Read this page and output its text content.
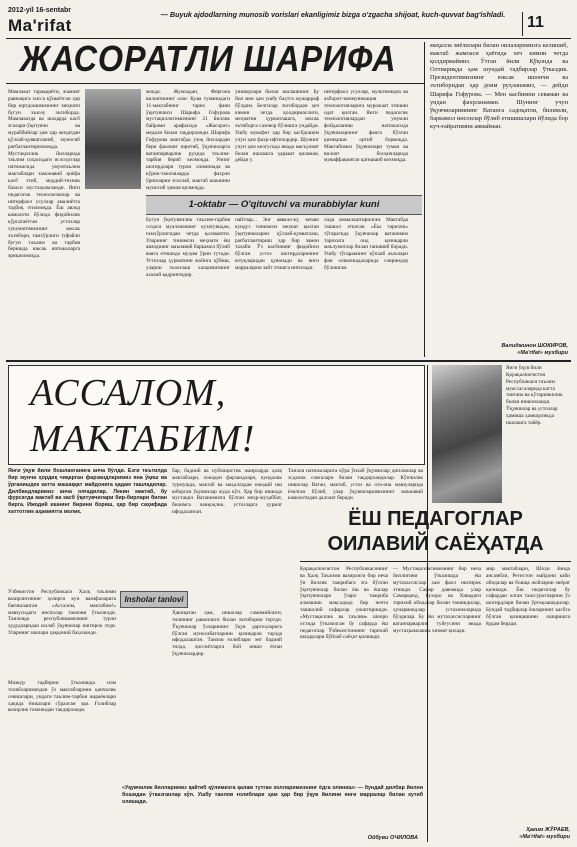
2012-yil 16-sentabr
Ma'rifat
— Buyuk ajdodlarning munosib vorislari ekanligimiz bizga o'zgacha shijoat, kuch-quvvat bag'ishladi.	11
ЖАСОРАТЛИ ШАРИФА
Мамлакат тараққиёти, жамият равнақига хисса қўшаётган ҳар бир юртдошимизнинг меҳнати бугун эъзозу эътиборда. Мамлакатда ва шаҳарда касб эгалари-ўқитувчи ва мураббийлар ҳам ҳар жиҳатдан қўллаб-қувватланиб, муносиб рағбатлантирилмоқда. Мустақиллик йилларида таълим соҳасидаги ислоҳотлар натижасида умумтаълим мактаблари замонавий қиёфа касб этиб, моддий-техник базаси мустаҳкамланди. Янги педагогик технологиялар ва интерфаол усуллар амалиётга тадбиқ этилмоқда. Ёш авлод камолоти йўлида фидойилик кўрсатаётган устозлар хукуматимизнинг юксак эътибори, ғамхўрлиги туфайли бугун таълим ва тарбия беришда юксак натижаларга эришилмоқда.
мокда. Жумладан, Фергона вилоятининг олис Қува туманидаги 11-мактабнинг тарих фани ўқитувчиси Шарифа Гофурова мустақиллигимизнинг 21 йиллик байрами арафасида «Жасорат» медали билан тақдирланди. Шарифа Гофурова мактабда узоқ йиллардан бери фаолият юритиб, ўқувчиларга ватанпарварлик руҳида таълим-тарбия бериб келмоқда. Унинг шогирдлари турли олимпиада ва кўрик-танловларда фахрли ўринларни эгаллаб, мактаб шаънини муносиб ҳимоя қилмоқда.
униворлари билан ишлашнинг. Бу йил мен ҳам ушбу баҳтга мушарраф бўлдим. Белгилар эътибордан ҳеч кимни четда қолдирмаслиги, меҳнатни ҳурматлашга, юксак эътиборга сазовор бўлишга ундайди. Ушбу мукофот ҳар бир касбдошим учун ҳам фахр-ифтихордир. Шунинг учун ҳам келгусида янада масъулият билан ишлашга ҳаракат қиламан, дейди у.
интерфаол усуллар, мультимедиа ва ахборот-коммуникация технологияларига мурожаат этишни одат қилган. Янги педагогик технологиялардан унумли фойдаланиш натижасида ўқувчиларнинг фанга бўлган қизиқиши ортиб бормоқда. Мактабимиз ўқувчилари туман ва вилоят босқичларида муваффақиятли қатнашиб келмоқда.
1-oktabr — O'qituvchi va murabbiylar kuni
Бугун ўқитувчилик таълим-тарбия соҳаси муаллимнинг кузатувидан, ғамхўрлигидан четда қолмаяпти. Уларнинг тинимсиз меҳнати ёш авлоднинг маънавий баркамол бўлиб вояга етишида муҳим ўрин тутади. Устозлар ҳурматини жойига қўйиш, уларни эъзозлаш халқимизнинг азалий қадриятидир.
пайтлар... Энг аввало-ку, кечаю кундуз тинимсиз меҳнат қилган ўқитувчиларни қўллаб-қувватлаш, рағбатлантириш ҳар бир замон талаби. Ўз касбининг фидойиси бўлган устоз шогирдларининг ютуқларидан қувонади ва янги марраларни забт этишга интилади.
сида оммалаштирилган. Мактабда ташкил этилган «Ёш тарихчи» тўгарагида ўқувчилар ватанимиз тарихига оид қизиқарли маълумотлар билан танишиб боради. Ушбу тўгаракнинг кўплаб аъзолари фан олимпиадаларида совриндор бўлишган.
маҳалла зиёлилари билан оилаларимизга келишиб, мактаб жамоаси ҳаётида хеч кимни четда қолдирмаймиз. Ўтган йили Қўқонда ва Олтиариқда ҳам шундай тадбирлар ўтказдик. Президентимизнинг юксак ишончи ва эътиборидан ҳар доим руҳланамиз, — дейди Шарифа Гофурова. — Мен касбимни севаман ва ундан фахрланаман. Шунинг учун ўқувчиларимнинг Ватанга садоқатли, билимли, баркамол инсонлар бўлиб етишишлари йўлида бор куч-ғайратимни аямайман.
Валиджинон ШОКИРОВ,
«Ма'rifat» мухбири
АССАЛОМ, МАКТАБИМ!
Янги ўқув йили бошланганига анча бўлди. Ёзги таътилда бир мунча ҳордиқ чиқарган фарзандларимиз яна ўқиш ва ўрганишдек катта машаққат майдонига қадам ташладилар. Дилбандларимиз анча олғадилар. Лекин мактаб, бу фурсатда мактаб ва касб ўқитувчилари бир-бирлари билан бирга. Ижодий ишнинг бирини бориш, ҳар бир саҳифада хаттотлик аҳамиятга молик.
Insholar tanlovi
Ўзбекистон Республикаси Халқ таълими вазирлигининг ҳозирги кун вазифаларига бағишланган «Ассалом, мактабим!» мавзусидаги инсполар танлови ўтказилди. Танловда республикамизнинг турли ҳудудларидан юзлаб ўқувчилар иштирок этди. Уларнинг ишлари ҳаққоний баҳоланди.
Мазкур тадбирни ўтказишда илм толибларимиздан ўз мактабларини қанчалик севишлари, ундаги таълим-тарбия жараёнлари ҳақида ёзишлари сўралган эди. Ғолиблар вазирлик томонидан такдирланди.
бар, бадиий ва публицистик жанрларда ҳалқ мактаблари, хонадон фарзандлари, кундалик турмушда, мактаб ва маҳалладан ижодий иш юборган ўқувчилар жуда кўп. Ҳар бир иншода мустақил Ватанимизга бўлган меҳр-муҳаббат, билимга чанқоқлик, устозларга ҳурмат ифодаланган.
Ҳакиқатан ҳам, иншолар самимийлиги, тилининг равонлиги билан эътиборни тортди. Ўқувчилар ўзларининг ўқув даргоҳларига бўлган муносабатларини қизиқарли тарзда ифодалашган. Танлов ғолиблари энг бадиий тилда, ҳиссиётларга бой иншо ёзган ўқувчилардир.
Танлов натижаларига кўра ўнлаб ўқувчилар дипломлар ва эсдалик совғалари билан тақдирландилар. Кўпчилик иншолар Ватан, мактаб, устоз ва ота-она мавзуларида ёзилган бўлиб, улар ўқувчиларимизнинг маънавий камолотидан далолат беради.
«Ўқувчилик йилларимиз қайтиб қўлимизга қалам тутган холларимизнинг ёдга олиниш» — бундай дилбар йилни бошидан ўтказганлар кўп. Ушбу танлов ғолиблари ҳам ҳар бир ўқув йилини янги марралар билан кутиб олишади.
Ойбуви ОЧИЛОВА
Янги ўқув йили Қорақалпоғистон Республикаси таълим муассасаларида катта тантана ва кўтаринкилик билан нишонланди. Ўқувчилар ва устозлар ҳамиша ҳамкорликда ишлашга тайёр.
ЁШ ПЕДАГОГЛАР ОИЛАВИЙ САЁҲАТДА
Қорақалпоғистон Республикасининг ва Ҳалқ Таълими вазирлиги бир неча ўн йиллик тажрибага эга бўлган ўқитувчилар билан ёш ва ёшлар ўқитувчилари ўзаро тажриба алмашиш мақсадида бир нечта ташкилий сафарлар уюштиришди. «Мустақиллик ва таълим» шиори остида ўтказилган бу сафарда ёш педагоглар Ўзбекистоннинг тарихий шаҳарлари бўйлаб саёҳат қилишди.
— Мустақиллигимизнинг бир неча йиллигини ўтказишда ёш мутахассислар хам фаол иштирок этишди. Сафар давомида улар Самарқанд, Бухоро ва Хивадаги тарихий обидалар билан танишдилар, ҳунармандлар устахоналарида бўлдилар. Бу ёш мутахассисларнинг ватанпарварлик туйғусини янада мустаҳкамлашга хизмат қилади.
мир мактаблари, Шоҳи Зинда ансамбли, Регистон майдони каби обидалар ва бошқа жойларни зиёрат қилишди. Ёш педагоглар бу сафардан олган таассуротларини ўз шогирдлари билан ўртоқлашадилар. Бундай тадбирлар ёшларнинг касбга бўлган қизиқишини оширишга ёрдам беради.
Ҳаким ЖЎРАЕВ,
«Ма'rifat» мухбири
